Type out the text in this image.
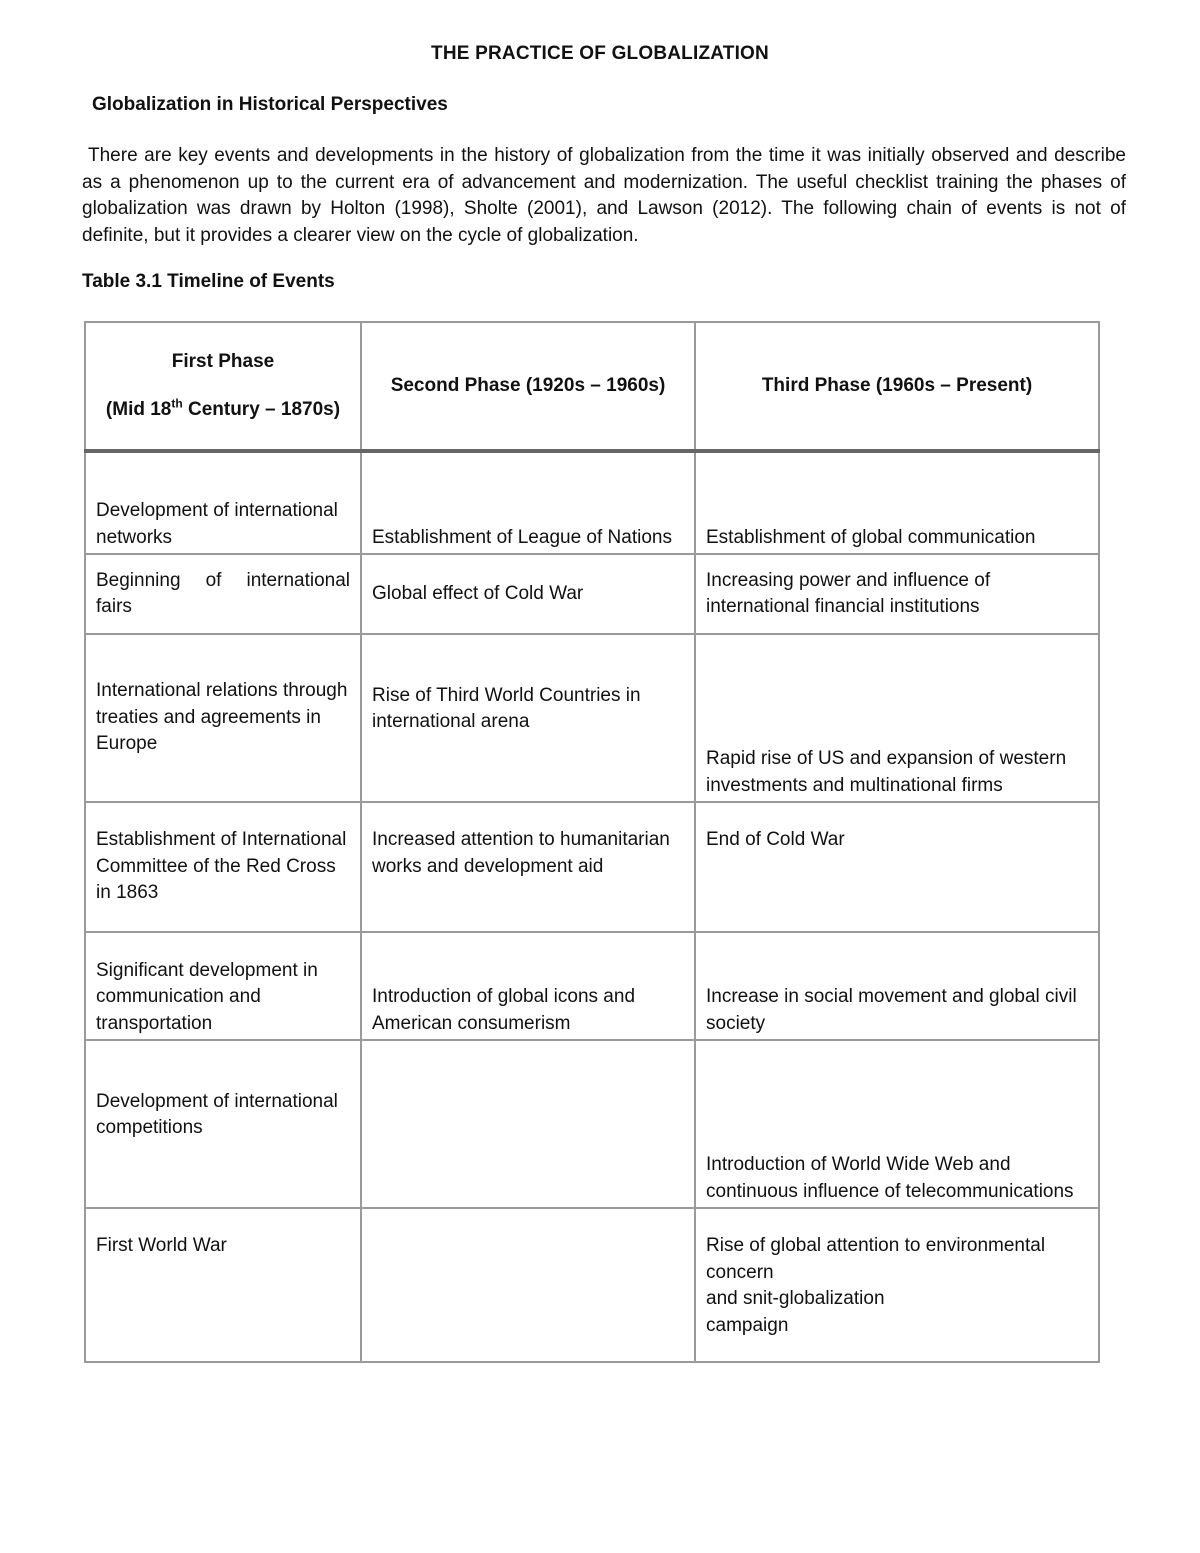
THE PRACTICE OF GLOBALIZATION
Globalization in Historical Perspectives
There are key events and developments in the history of globalization from the time it was initially observed and describe as a phenomenon up to the current era of advancement and modernization. The useful checklist training the phases of globalization was drawn by Holton (1998), Sholte (2001), and Lawson (2012). The following chain of events is not of definite, but it provides a clearer view on the cycle of globalization.
Table 3.1 Timeline of Events
First Phase
(Mid 18th Century – 1870s)	Second Phase (1920s – 1960s)	Third Phase (1960s – Present)
Development of international networks	Establishment of League of Nations	Establishment of global communication
Beginning of international fairs	Global effect of Cold War	Increasing power and influence of international financial institutions
International relations through treaties and agreements in Europe	Rise of Third World Countries in international arena	Rapid rise of US and expansion of western investments and multinational firms
Establishment of International Committee of the Red Cross in 1863	Increased attention to humanitarian works and development aid	End of Cold War
Significant development in communication and transportation	Introduction of global icons and American consumerism	Increase in social movement and global civil society
Development of international competitions		Introduction of World Wide Web and continuous influence of telecommunications
First World War		Rise of global attention to environmental concern
and snit-globalization
campaign
